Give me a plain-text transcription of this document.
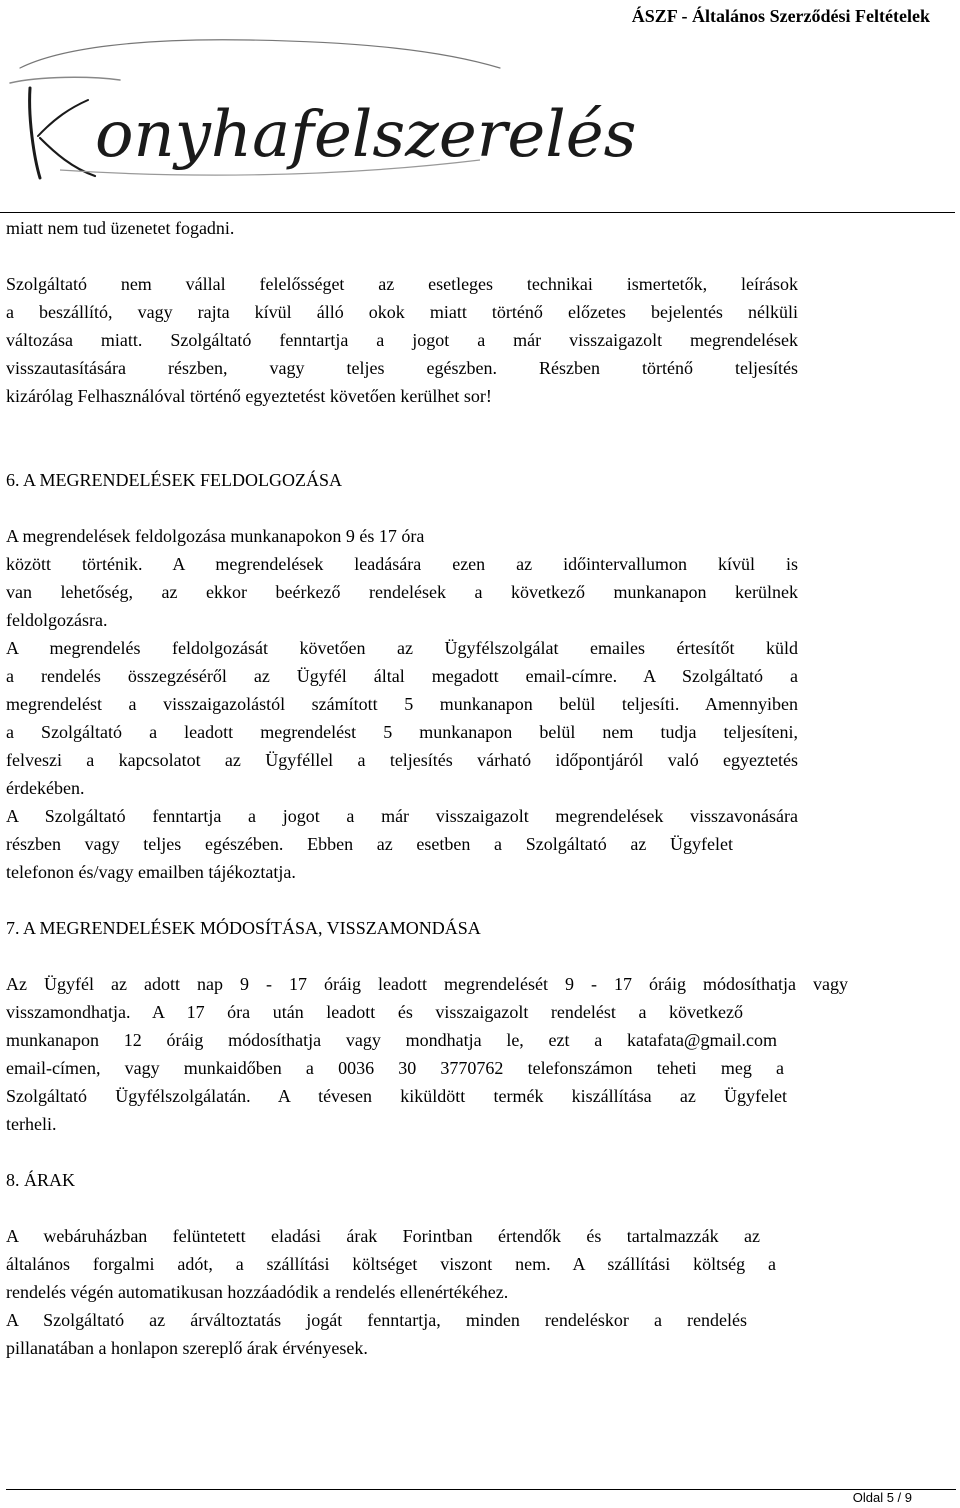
ÁSZF - Általános Szerződési Feltételek
onyhafelszerelés
miatt nem tud üzenetet fogadni.
Szolgáltató nem vállal felelősséget az esetleges technikai ismertetők, leírások
a beszállító, vagy rajta kívül álló okok miatt történő előzetes bejelentés nélküli
változása miatt. Szolgáltató fenntartja a jogot a már visszaigazolt megrendelések
visszautasítására részben, vagy teljes egészben. Részben történő teljesítés
kizárólag Felhasználóval történő egyeztetést követően kerülhet sor!
6. A MEGRENDELÉSEK FELDOLGOZÁSA
A megrendelések feldolgozása munkanapokon 9 és 17 óra
között történik. A megrendelések leadására ezen az időintervallumon kívül is
van lehetőség, az ekkor beérkező rendelések a következő munkanapon kerülnek
feldolgozásra.
A megrendelés feldolgozását követően az Ügyfélszolgálat emailes értesítőt küld
a rendelés összegzéséről az Ügyfél által megadott email-címre. A Szolgáltató a
megrendelést a visszaigazolástól számított 5 munkanapon belül teljesíti. Amennyiben
a Szolgáltató a leadott megrendelést 5 munkanapon belül nem tudja teljesíteni,
felveszi a kapcsolatot az Ügyféllel a teljesítés várható időpontjáról való egyeztetés
érdekében.
A Szolgáltató fenntartja a jogot a már visszaigazolt megrendelések visszavonására
részben vagy teljes egészében. Ebben az esetben a Szolgáltató az Ügyfelet
telefonon és/vagy emailben tájékoztatja.
7. A MEGRENDELÉSEK MÓDOSÍTÁSA, VISSZAMONDÁSA
Az Ügyfél az adott nap 9 - 17 óráig leadott megrendelését 9 - 17 óráig módosíthatja vagy
visszamondhatja. A 17 óra után leadott és visszaigazolt rendelést a következő
munkanapon 12 óráig módosíthatja vagy mondhatja le, ezt a katafata@gmail.com
email-címen, vagy munkaidőben a 0036 30 3770762 telefonszámon teheti meg a
Szolgáltató Ügyfélszolgálatán. A tévesen kiküldött termék kiszállítása az Ügyfelet
terheli.
8. ÁRAK
A webáruházban felüntetett eladási árak Forintban értendők és tartalmazzák az
általános forgalmi adót, a szállítási költséget viszont nem. A szállítási költség a
rendelés végén automatikusan hozzáadódik a rendelés ellenértékéhez.
A Szolgáltató az árváltoztatás jogát fenntartja, minden rendeléskor a rendelés
pillanatában a honlapon szereplő árak érvényesek.
Oldal 5 / 9
